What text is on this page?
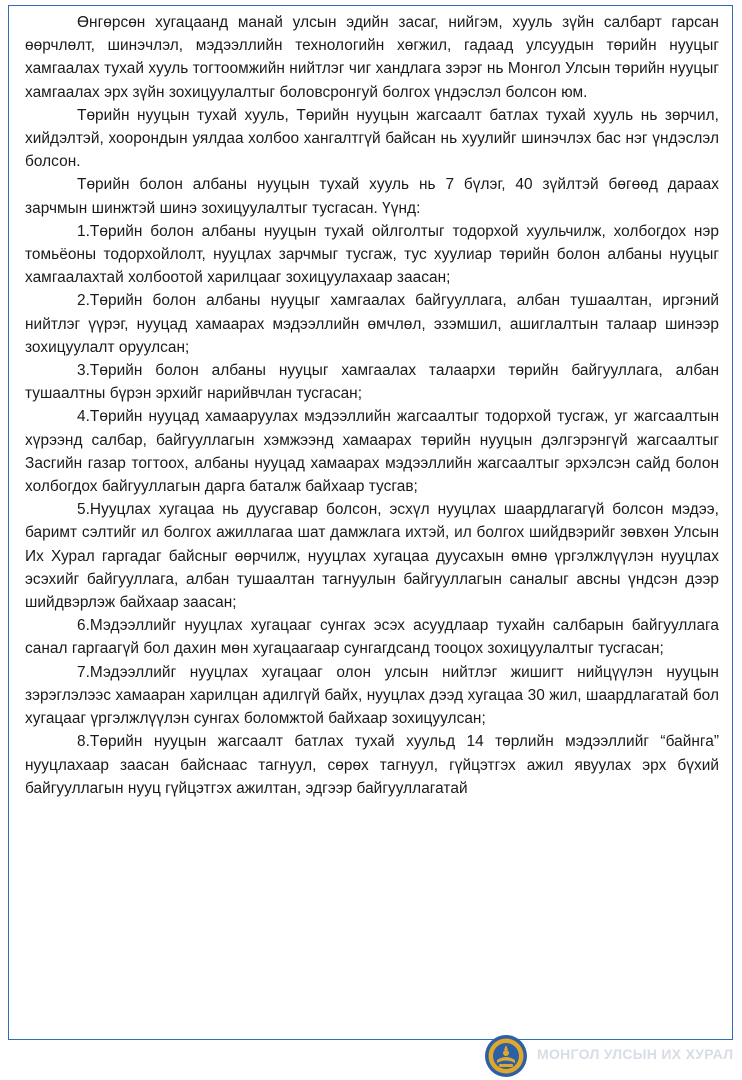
Өнгөрсөн хугацаанд манай улсын эдийн засаг, нийгэм, хууль зүйн салбарт гарсан өөрчлөлт, шинэчлэл, мэдээллийн технологийн хөгжил, гадаад улсуудын төрийн нууцыг хамгаалах тухай хууль тогтоомжийн нийтлэг чиг хандлага зэрэг нь Монгол Улсын төрийн нууцыг хамгаалах эрх зүйн зохицуулалтыг боловсронгуй болгох үндэслэл болсон юм.

Төрийн нууцын тухай хууль, Төрийн нууцын жагсаалт батлах тухай хууль нь зөрчил, хийдэлтэй, хоорондын уялдаа холбоо хангалтгүй байсан нь хуулийг шинэчлэх бас нэг үндэслэл болсон.

Төрийн болон албаны нууцын тухай хууль нь 7 бүлэг, 40 зүйлтэй бөгөөд дараах зарчмын шинжтэй шинэ зохицуулалтыг тусгасан. Үүнд:

1.Төрийн болон албаны нууцын тухай ойлголтыг тодорхой хуульчилж, холбогдох нэр томьёоны тодорхойлолт, нууцлах зарчмыг тусгаж, тус хуулиар төрийн болон албаны нууцыг хамгаалахтай холбоотой харилцааг зохицуулахаар заасан;

2.Төрийн болон албаны нууцыг хамгаалах байгууллага, албан тушаалтан, иргэний нийтлэг үүрэг, нууцад хамаарах мэдээллийн өмчлөл, эзэмшил, ашиглалтын талаар шинээр зохицуулалт оруулсан;

3.Төрийн болон албаны нууцыг хамгаалах талаархи төрийн байгууллага, албан тушаалтны бүрэн эрхийг нарийвчлан тусгасан;

4.Төрийн нууцад хамааруулах мэдээллийн жагсаалтыг тодорхой тусгаж, уг жагсаалтын хүрээнд салбар, байгууллагын хэмжээнд хамаарах төрийн нууцын дэлгэрэнгүй жагсаалтыг Засгийн газар тогтоох, албаны нууцад хамаарах мэдээллийн жагсаалтыг эрхэлсэн сайд болон холбогдох байгууллагын дарга баталж байхаар тусгав;

5.Нууцлах хугацаа нь дуусгавар болсон, эсхүл нууцлах шаардлагагүй болсон мэдээ, баримт сэлтийг ил болгох ажиллагаа шат дамжлага ихтэй, ил болгох шийдвэрийг зөвхөн Улсын Их Хурал гаргадаг байсныг өөрчилж, нууцлах хугацаа дуусахын өмнө үргэлжлүүлэн нууцлах эсэхийг байгууллага, албан тушаалтан тагнуулын байгууллагын саналыг авсны үндсэн дээр шийдвэрлэж байхаар заасан;

6.Мэдээллийг нууцлах хугацааг сунгах эсэх асуудлаар тухайн салбарын байгууллага санал гаргаагүй бол дахин мөн хугацаагаар сунгагдсанд тооцох зохицуулалтыг тусгасан;

7.Мэдээллийг нууцлах хугацааг олон улсын нийтлэг жишигт нийцүүлэн нууцын зэрэглэлээс хамааран харилцан адилгүй байх, нууцлах дээд хугацаа 30 жил, шаардлагатай бол хугацааг үргэлжлүүлэн сунгах боломжтой байхаар зохицуулсан;

8.Төрийн нууцын жагсаалт батлах тухай хуульд 14 төрлийн мэдээллийг “байнга” нууцлахаар заасан байснаас тагнуул, сөрөх тагнуул, гүйцэтгэх ажил явуулах эрх бүхий байгууллагын нууц гүйцэтгэх ажилтан, эдгээр байгууллагатай

МОНГОЛ УЛСЫН ИХ ХУРАЛ
